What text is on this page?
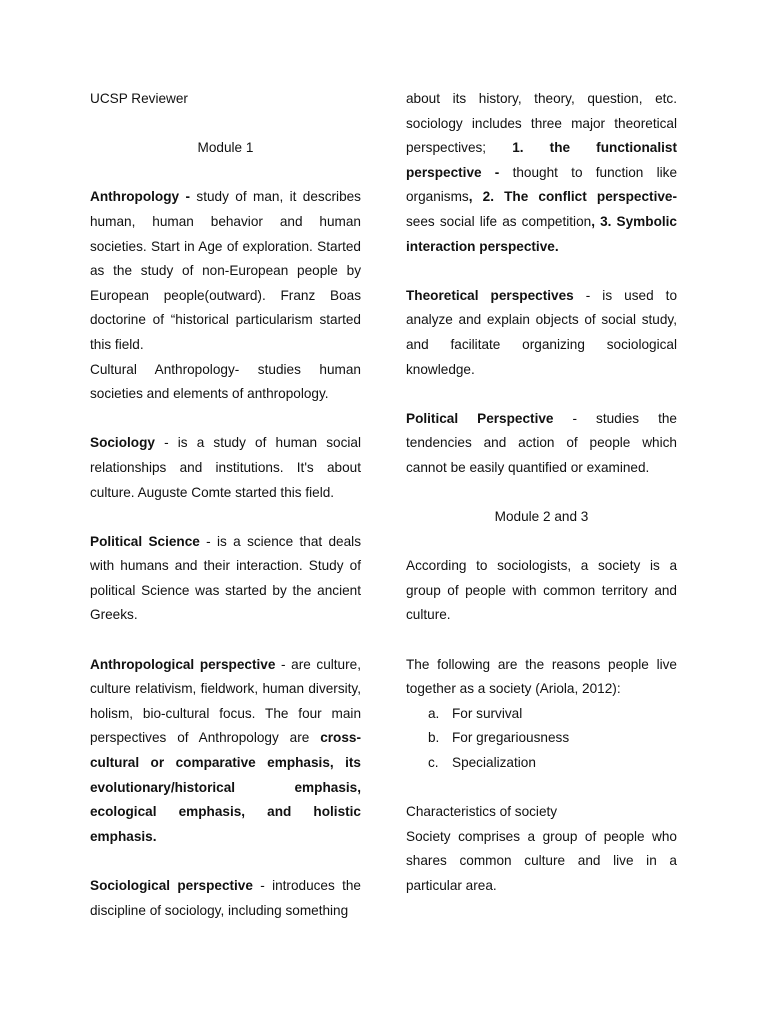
UCSP Reviewer

Module 1

Anthropology - study of man, it describes human, human behavior and human societies. Start in Age of exploration. Started as the study of non-European people by European people(outward). Franz Boas doctorine of “historical particularism started this field.

Cultural Anthropology- studies human societies and elements of anthropology.

Sociology - is a study of human social relationships and institutions. It's about culture. Auguste Comte started this field.

Political Science - is a science that deals with humans and their interaction. Study of political Science was started by the ancient Greeks.

Anthropological perspective - are culture, culture relativism, fieldwork, human diversity, holism, bio-cultural focus. The four main perspectives of Anthropology are cross-cultural or comparative emphasis, its evolutionary/historical emphasis, ecological emphasis, and holistic emphasis.

Sociological perspective - introduces the discipline of sociology, including something

about its history, theory, question, etc. sociology includes three major theoretical perspectives; 1. the functionalist perspective - thought to function like organisms, 2. The conflict perspective- sees social life as competition, 3. Symbolic interaction perspective.

Theoretical perspectives - is used to analyze and explain objects of social study, and facilitate organizing sociological knowledge.

Political Perspective - studies the tendencies and action of people which cannot be easily quantified or examined.

Module 2 and 3

According to sociologists, a society is a group of people with common territory and culture.

The following are the reasons people live together as a society (Ariola, 2012):

a. For survival
b. For gregariousness
c. Specialization

Characteristics of society

Society comprises a group of people who shares common culture and live in a particular area.
